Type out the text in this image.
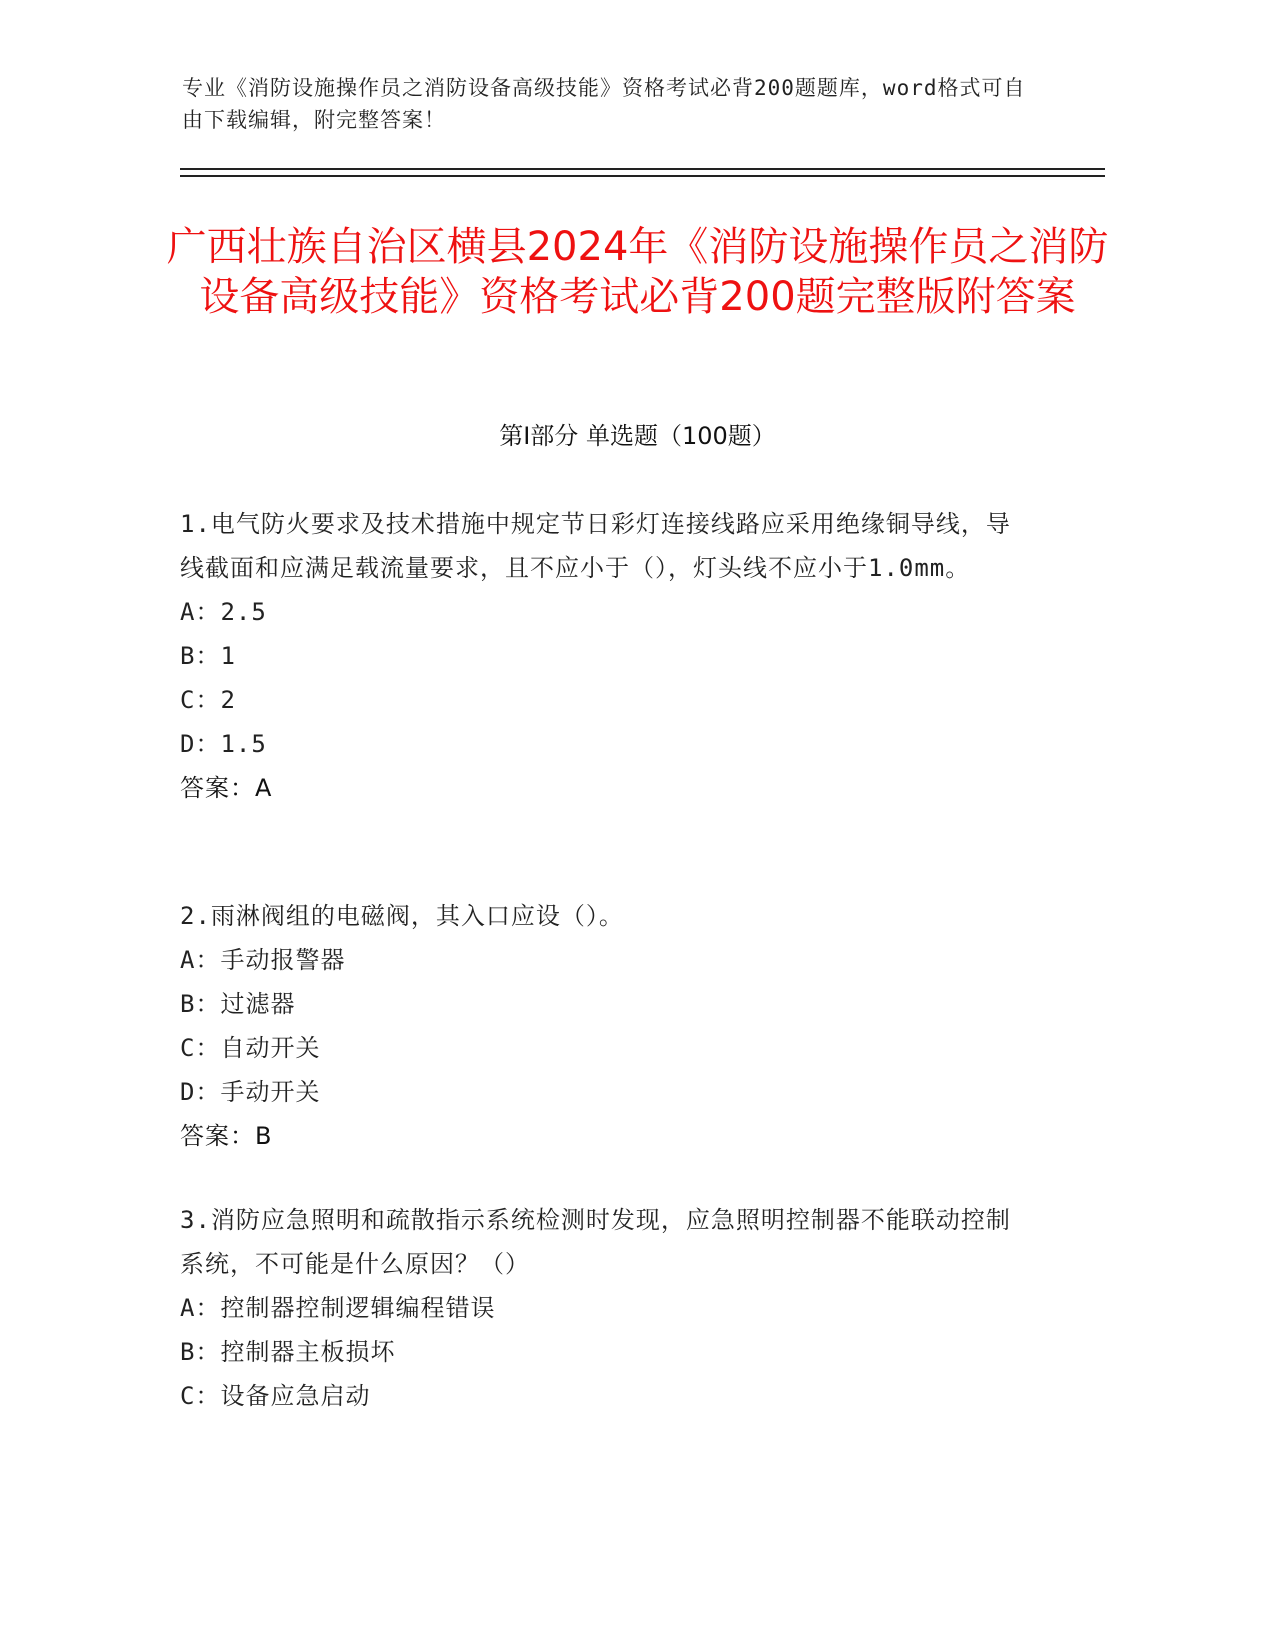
专业《消防设施操作员之消防设备高级技能》资格考试必背200题题库，word格式可自由下载编辑，附完整答案！
广西壮族自治区横县2024年《消防设施操作员之消防设备高级技能》资格考试必背200题完整版附答案
第Ⅰ部分 单选题（100题）

1.电气防火要求及技术措施中规定节日彩灯连接线路应采用绝缘铜导线，导线截面和应满足载流量要求，且不应小于（），灯头线不应小于1.0mm。

A：2.5

B：1

C：2

D：1.5

答案：A

2.雨淋阀组的电磁阀，其入口应设（）。

A：手动报警器

B：过滤器

C：自动开关

D：手动开关

答案：B

3.消防应急照明和疏散指示系统检测时发现，应急照明控制器不能联动控制系统，不可能是什么原因？（）

A：控制器控制逻辑编程错误

B：控制器主板损坏

C：设备应急启动
